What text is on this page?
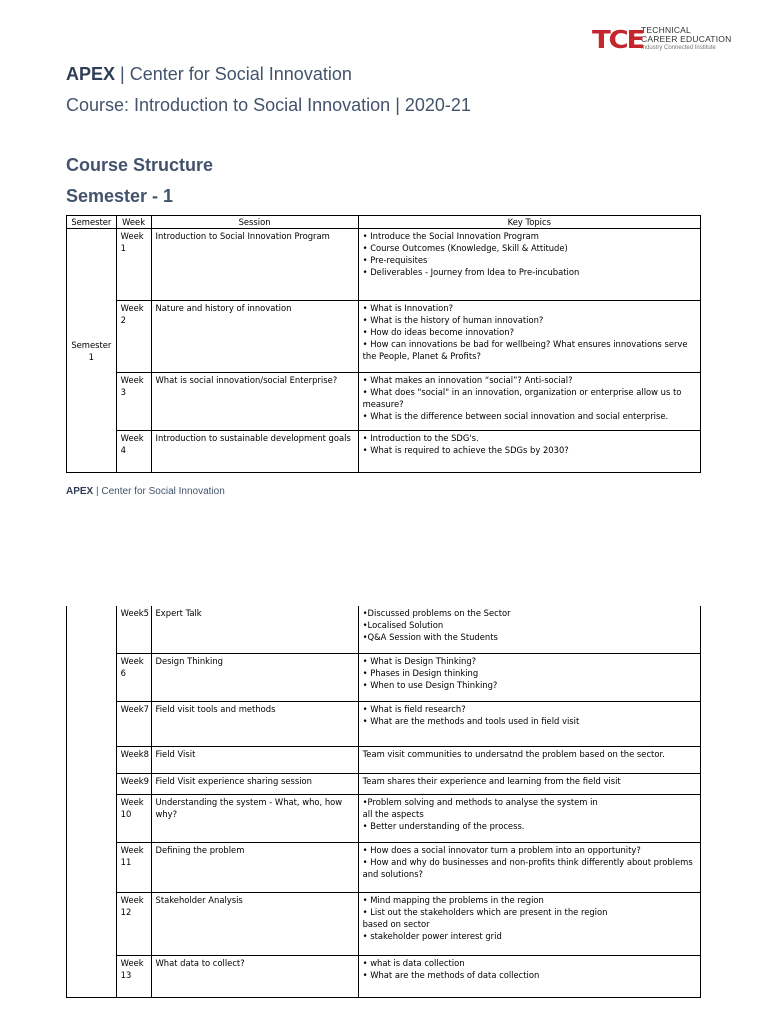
TCE
TECHNICAL
CAREER EDUCATION
Industry Connected Institute
APEX | Center for Social Innovation
Course: Introduction to Social Innovation | 2020-21
Course Structure
Semester - 1
Semester	Week	Session	Key Topics
Semester 1	Week 1	Introduction to Social Innovation Program	• Introduce the Social Innovation Program
• Course Outcomes (Knowledge, Skill & Attitude)
• Pre-requisites
• Deliverables - Journey from Idea to Pre-incubation

	Week 2	Nature and history of innovation	• What is Innovation?
• What is the history of human innovation?
• How do ideas become innovation?
• How can innovations be bad for wellbeing? What ensures innovations serve the People, Planet & Profits?

	Week 3	What is social innovation/social Enterprise?	• What makes an innovation “social”? Anti-social?
• What does "social" in an innovation, organization or enterprise allow us to measure?
• What is the difference between social innovation and social enterprise.

	Week 4	Introduction to sustainable development goals	• Introduction to the SDG's.
• What is required to achieve the SDGs by 2030?
APEX | Center for Social Innovation
	Week5	Expert Talk	•Discussed problems on the Sector
•Localised Solution
•Q&A Session with the Students

	Week 6	Design Thinking	• What is Design Thinking?
• Phases in Design thinking
• When to use Design Thinking?

	Week7	Field visit tools and methods	• What is field research?
• What are the methods and tools used in field visit

	Week8	Field Visit	Team visit communities to undersatnd the problem based on the sector.

	Week9	Field Visit experience sharing session	Team shares their experience and learning from the field visit

	Week 10	Understanding the system - What, who, how why?	•Problem solving and methods to analyse the system in
all the aspects
• Better understanding of the process.

	Week 11	Defining the problem	• How does a social innovator turn a problem into an opportunity?
• How and why do businesses and non-profits think differently about problems and solutions?

	Week 12	Stakeholder Analysis	• Mind mapping the problems in the region
• List out the stakeholders which are present in the region
based on sector
• stakeholder power interest grid

	Week 13	What data to collect?	• what is data collection
• What are the methods of data collection
